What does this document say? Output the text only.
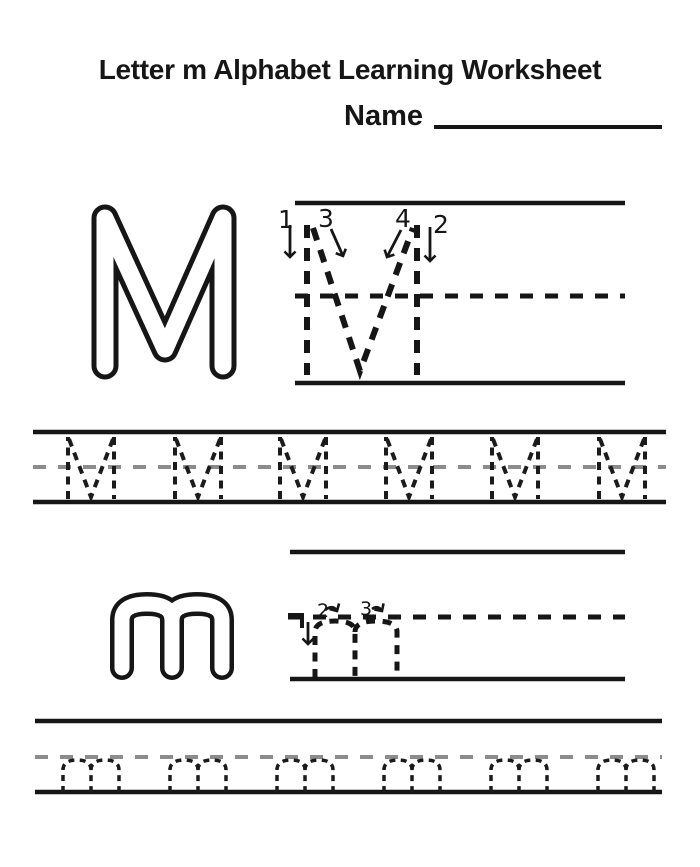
Letter m Alphabet Learning Worksheet
Name
1 3 4 2
2 3
